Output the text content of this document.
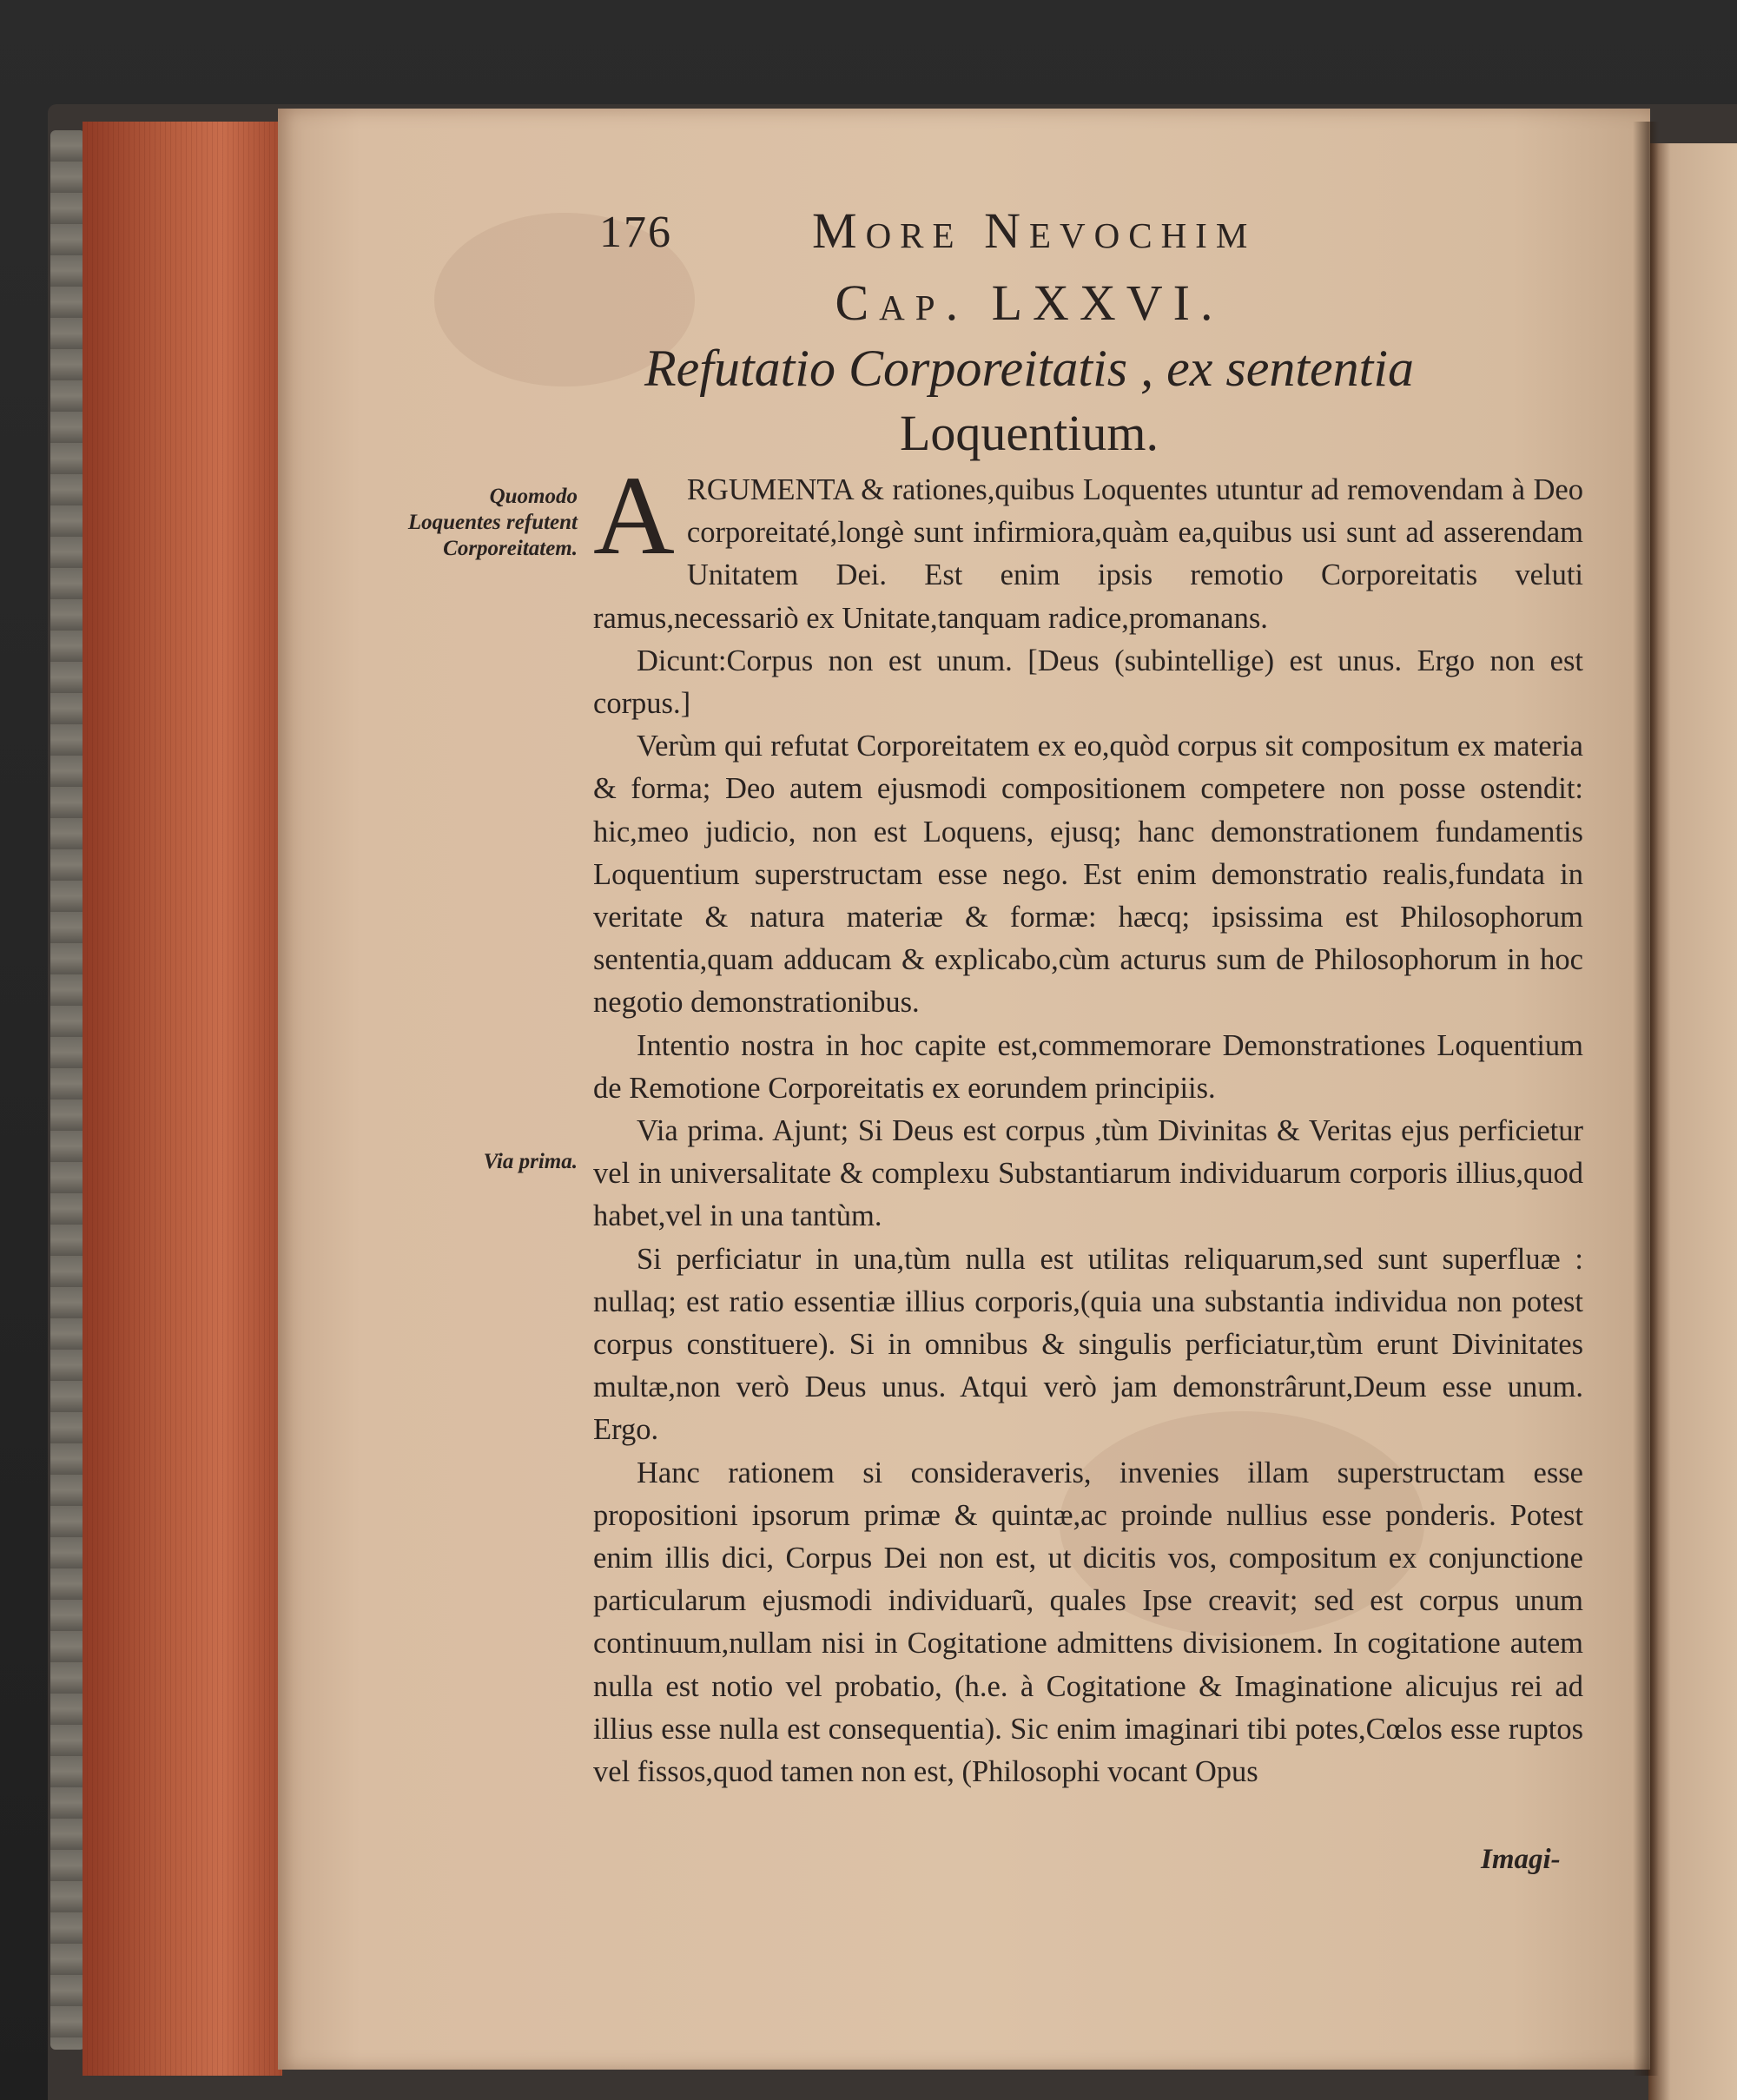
176	More Nevochim
Cap. LXXVI.
Refutatio Corporeitatis , ex sententia
Loquentium.
Quomodo Loquentes refutent Corporeitatem.
Via prima.

A RGUMENTA & rationes,quibus Loquentes utuntur ad removendam à Deo corporeitaté,longè sunt infirmiora,quàm ea,quibus usi sunt ad asserendam Unitatem Dei. Est enim ipsis remotio Corporeitatis veluti ramus,necessariò ex Unitate,tanquam radice,promanans.

Dicunt:Corpus non est unum. [Deus (subintellige) est unus. Ergo non est corpus.]

Verùm qui refutat Corporeitatem ex eo,quòd corpus sit compositum ex materia & forma; Deo autem ejusmodi compositionem competere non posse ostendit: hic,meo judicio, non est Loquens, ejusq; hanc demonstrationem fundamentis Loquentium superstructam esse nego. Est enim demonstratio realis,fundata in veritate & natura materiæ & formæ: hæcq; ipsissima est Philosophorum sententia,quam adducam & explicabo,cùm acturus sum de Philosophorum in hoc negotio demonstrationibus.

Intentio nostra in hoc capite est,commemorare Demonstrationes Loquentium de Remotione Corporeitatis ex eorundem principiis.

Via prima. Ajunt; Si Deus est corpus ,tùm Divinitas & Veritas ejus perficietur vel in universalitate & complexu Substantiarum individuarum corporis illius,quod habet,vel in una tantùm.

Si perficiatur in una,tùm nulla est utilitas reliquarum,sed sunt superfluæ : nullaq; est ratio essentiæ illius corporis,(quia una substantia individua non potest corpus constituere). Si in omnibus & singulis perficiatur,tùm erunt Divinitates multæ,non verò Deus unus. Atqui verò jam demonstrârunt,Deum esse unum. Ergo.

Hanc rationem si consideraveris, invenies illam superstructam esse propositioni ipsorum primæ & quintæ,ac proinde nullius esse ponderis. Potest enim illis dici, Corpus Dei non est, ut dicitis vos, compositum ex conjunctione particularum ejusmodi individuarũ, quales Ipse creavit; sed est corpus unum continuum,nullam nisi in Cogitatione admittens divisionem. In cogitatione autem nulla est notio vel probatio, (h.e. à Cogitatione & Imaginatione alicujus rei ad illius esse nulla est consequentia). Sic enim imaginari tibi potes,Cœlos esse ruptos vel fissos,quod tamen non est, (Philosophi vocant Opus

Imagi-
